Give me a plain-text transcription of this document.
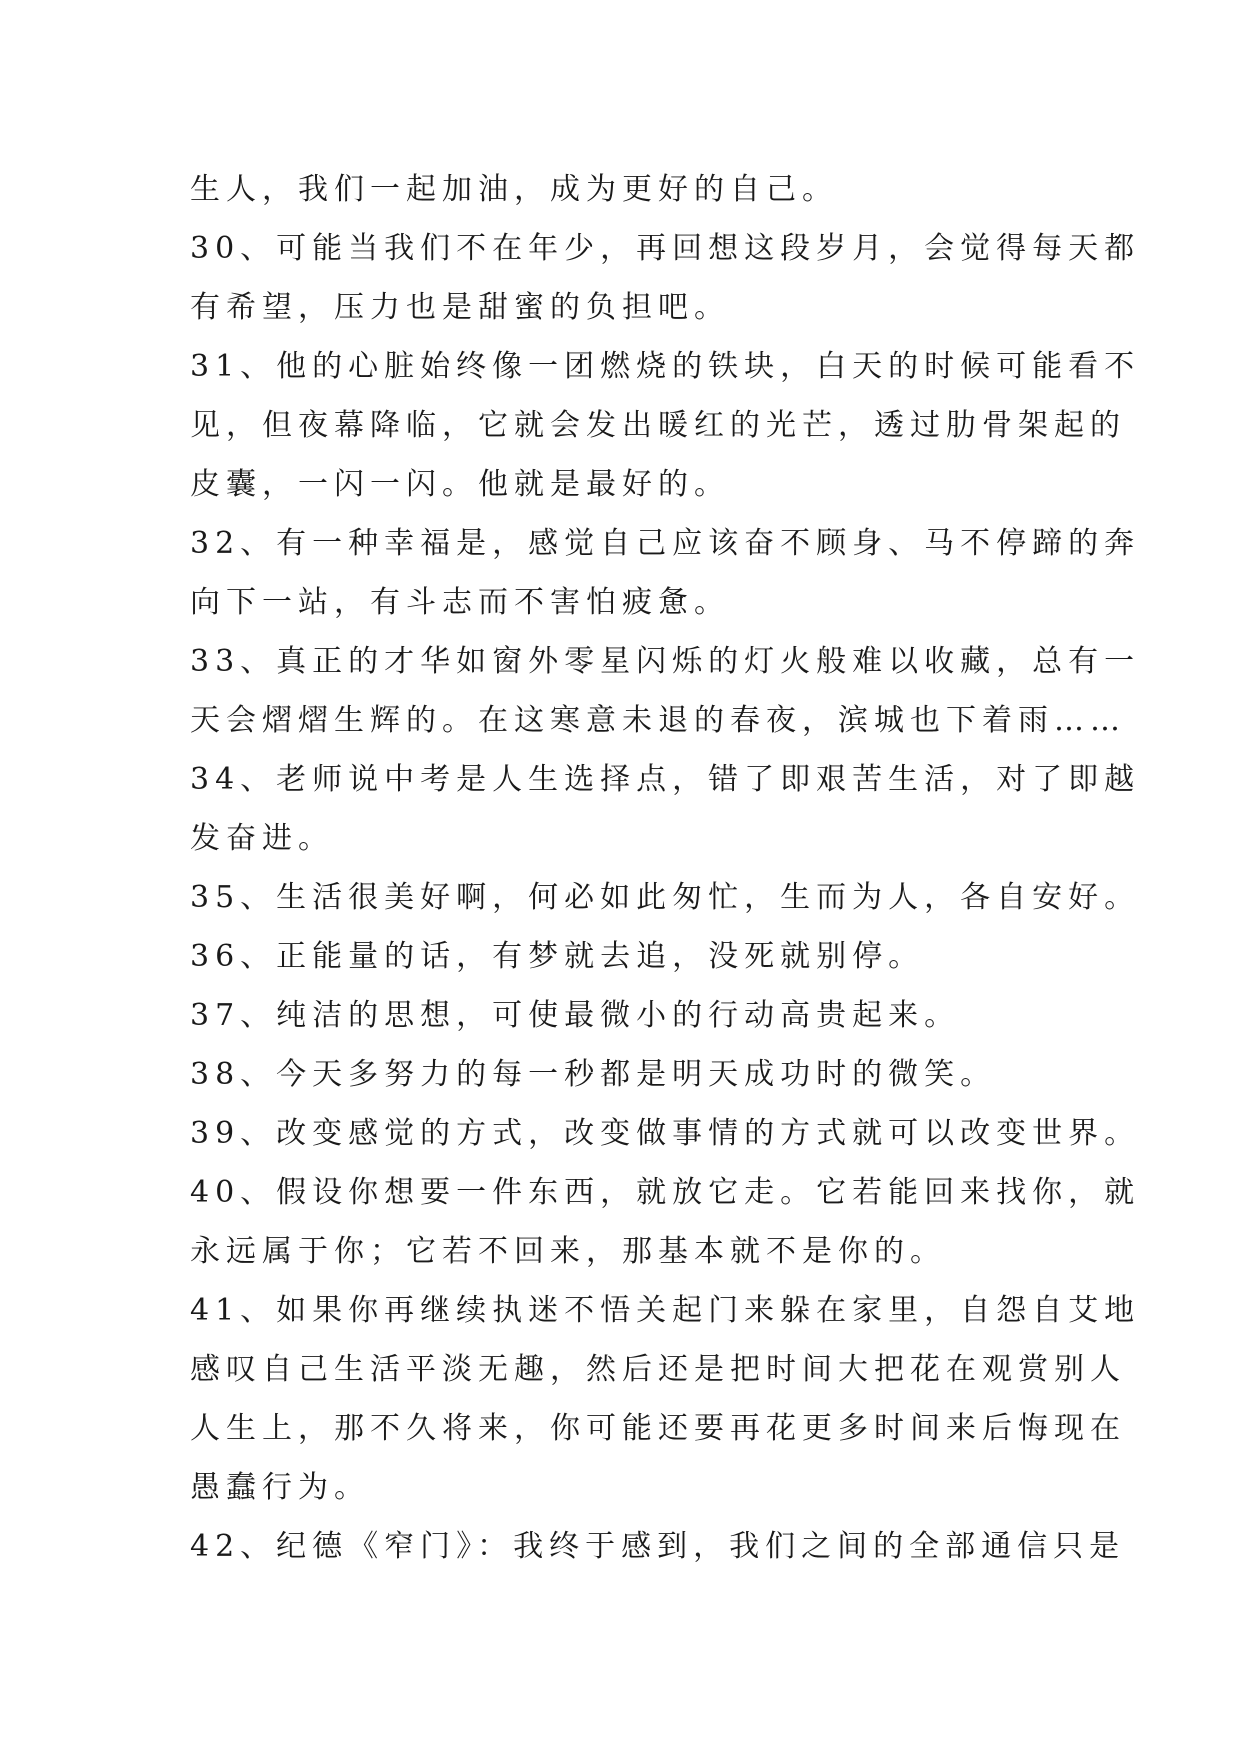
生人，我们一起加油，成为更好的自己。
30、可能当我们不在年少，再回想这段岁月，会觉得每天都
有希望，压力也是甜蜜的负担吧。
31、他的心脏始终像一团燃烧的铁块，白天的时候可能看不
见，但夜幕降临，它就会发出暖红的光芒，透过肋骨架起的
皮囊，一闪一闪。他就是最好的。
32、有一种幸福是，感觉自己应该奋不顾身、马不停蹄的奔
向下一站，有斗志而不害怕疲惫。
33、真正的才华如窗外零星闪烁的灯火般难以收藏，总有一
天会熠熠生辉的。在这寒意未退的春夜，滨城也下着雨……
34、老师说中考是人生选择点，错了即艰苦生活，对了即越
发奋进。
35、生活很美好啊，何必如此匆忙，生而为人，各自安好。
36、正能量的话，有梦就去追，没死就别停。
37、纯洁的思想，可使最微小的行动高贵起来。
38、今天多努力的每一秒都是明天成功时的微笑。
39、改变感觉的方式，改变做事情的方式就可以改变世界。
40、假设你想要一件东西，就放它走。它若能回来找你，就
永远属于你；它若不回来，那基本就不是你的。
41、如果你再继续执迷不悟关起门来躲在家里，自怨自艾地
感叹自己生活平淡无趣，然后还是把时间大把花在观赏别人
人生上，那不久将来，你可能还要再花更多时间来后悔现在
愚蠢行为。
42、纪德《窄门》：我终于感到，我们之间的全部通信只是
